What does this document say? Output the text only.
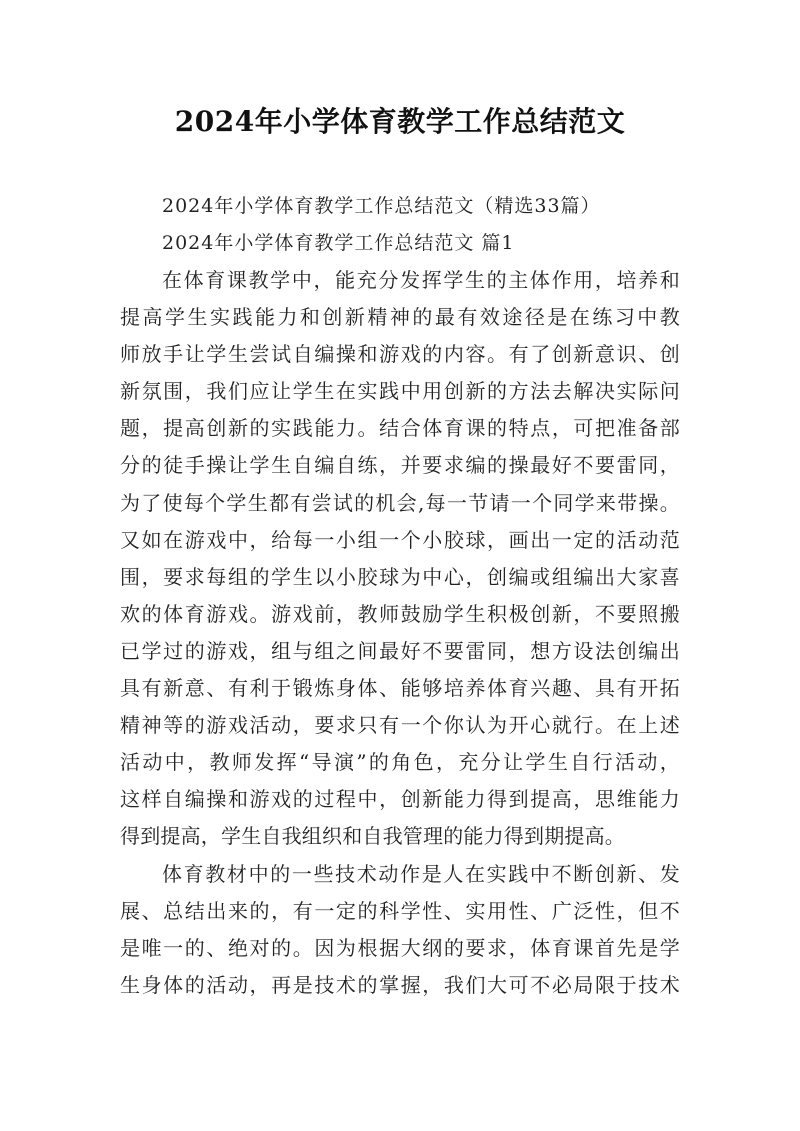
2024年小学体育教学工作总结范文
2024年小学体育教学工作总结范文（精选33篇）
2024年小学体育教学工作总结范文 篇1
在体育课教学中，能充分发挥学生的主体作用，培养和
提高学生实践能力和创新精神的最有效途径是在练习中教
师放手让学生尝试自编操和游戏的内容。有了创新意识、创
新氛围，我们应让学生在实践中用创新的方法去解决实际问
题，提高创新的实践能力。结合体育课的特点，可把准备部
分的徒手操让学生自编自练，并要求编的操最好不要雷同，
为了使每个学生都有尝试的机会,每一节请一个同学来带操。
又如在游戏中，给每一小组一个小胶球，画出一定的活动范
围，要求每组的学生以小胶球为中心，创编或组编出大家喜
欢的体育游戏。游戏前，教师鼓励学生积极创新，不要照搬
已学过的游戏，组与组之间最好不要雷同，想方设法创编出
具有新意、有利于锻炼身体、能够培养体育兴趣、具有开拓
精神等的游戏活动，要求只有一个你认为开心就行。在上述
活动中，教师发挥“导演”的角色，充分让学生自行活动，
这样自编操和游戏的过程中，创新能力得到提高，思维能力
得到提高，学生自我组织和自我管理的能力得到期提高。
体育教材中的一些技术动作是人在实践中不断创新、发
展、总结出来的，有一定的科学性、实用性、广泛性，但不
是唯一的、绝对的。因为根据大纲的要求，体育课首先是学
生身体的活动，再是技术的掌握，我们大可不必局限于技术
